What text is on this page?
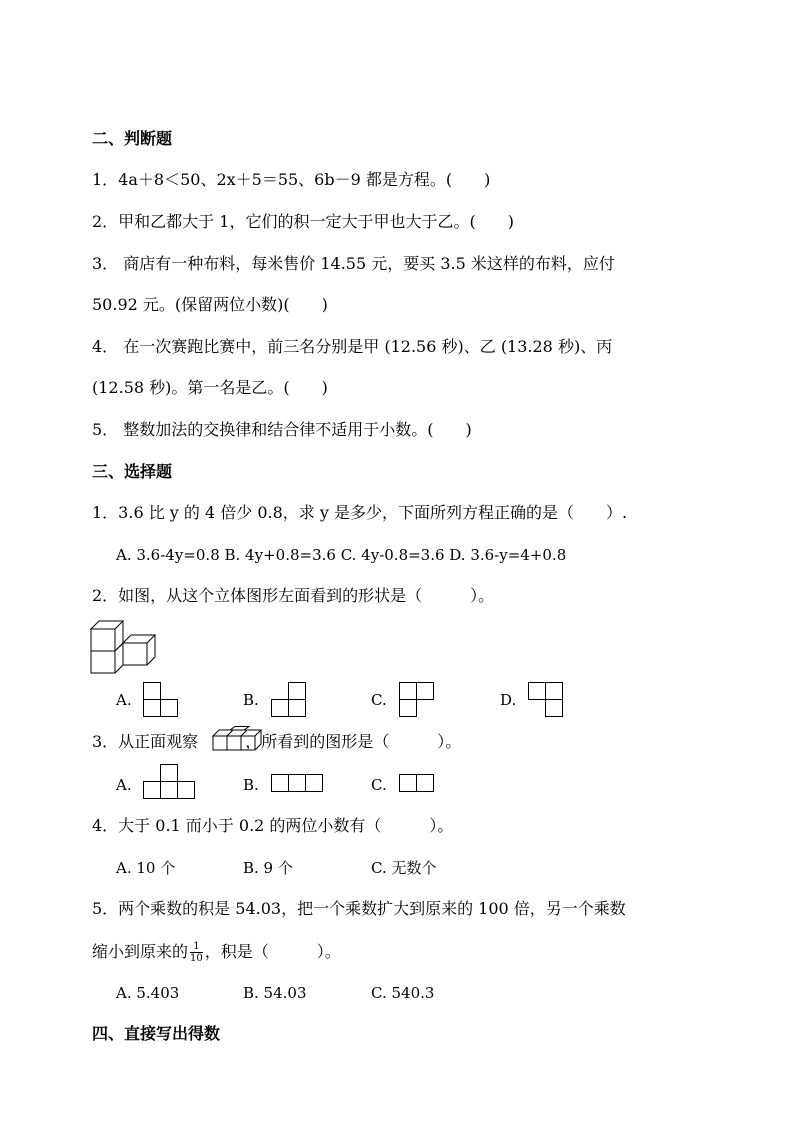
二、判断题
1．4a＋8＜50、2x＋5＝55、6b－9 都是方程。(　　)
2．甲和乙都大于 1，它们的积一定大于甲也大于乙。(　　)
3． 商店有一种布料，每米售价 14.55 元，要买 3.5 米这样的布料，应付
50.92 元。(保留两位小数)(　　)
4． 在一次赛跑比赛中，前三名分别是甲 (12.56 秒)、乙 (13.28 秒)、丙
(12.58 秒)。第一名是乙。(　　)
5． 整数加法的交换律和结合律不适用于小数。(　　)
三、选择题
1．3.6 比 y 的 4 倍少 0.8，求 y 是多少，下面所列方程正确的是（　　）.
A. 3.6-4y=0.8 B. 4y+0.8=3.6 C. 4y-0.8=3.6 D. 3.6-y=4+0.8
2．如图，从这个立体图形左面看到的形状是（　　　）。
A.	B.	C.	D.
3．从正面观察	，所看到的图形是（　　　）。
A.	B.	C.
4．大于 0.1 而小于 0.2 的两位小数有（　　　）。
A. 10 个	B. 9 个	C. 无数个
5．两个乘数的积是 54.03，把一个乘数扩大到原来的 100 倍，另一个乘数
缩小到原来的 $\frac{1}{10}$ ，积是（　　　）。
A. 5.403	B. 54.03	C. 540.3
四、直接写出得数
